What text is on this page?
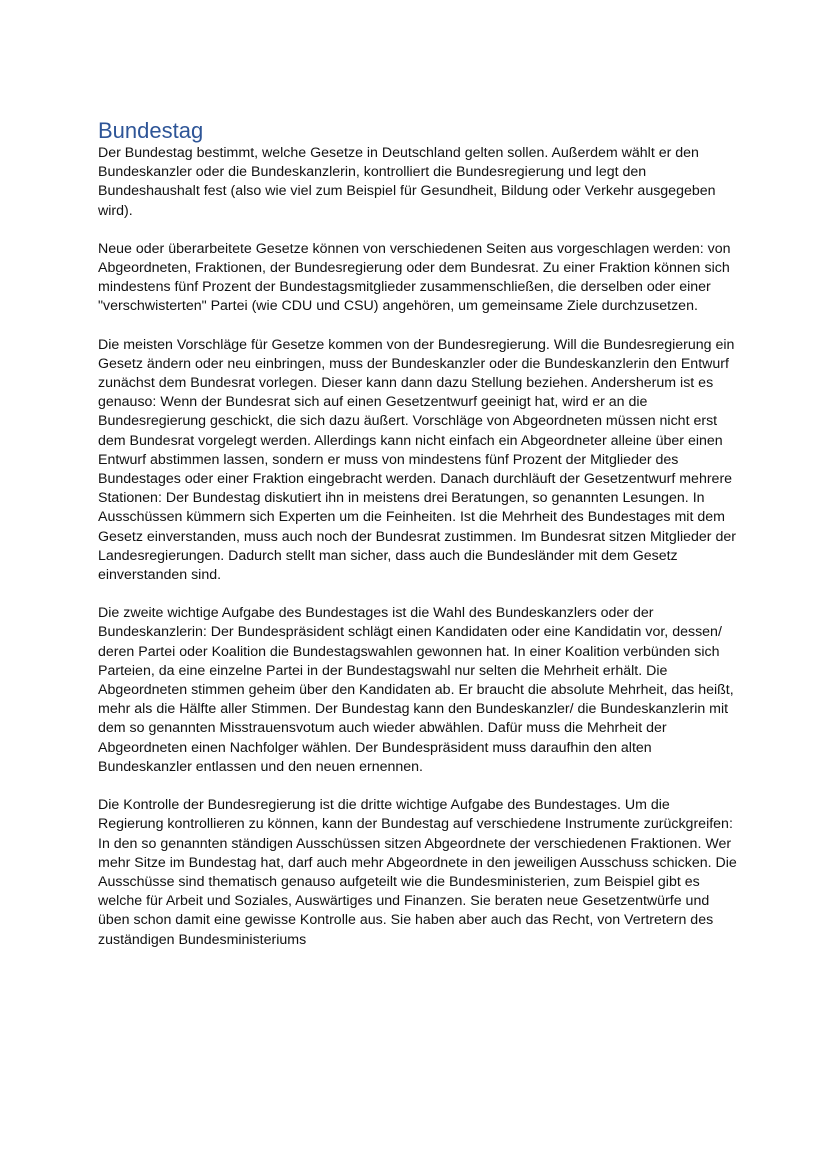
Bundestag

Der Bundestag bestimmt, welche Gesetze in Deutschland gelten sollen. Außerdem wählt er den Bundeskanzler oder die Bundeskanzlerin, kontrolliert die Bundesregierung und legt den Bundeshaushalt fest (also wie viel zum Beispiel für Gesundheit, Bildung oder Verkehr ausgegeben wird).

Neue oder überarbeitete Gesetze können von verschiedenen Seiten aus vorgeschlagen werden: von Abgeordneten, Fraktionen, der Bundesregierung oder dem Bundesrat. Zu einer Fraktion können sich mindestens fünf Prozent der Bundestagsmitglieder zusammenschließen, die derselben oder einer "verschwisterten" Partei (wie CDU und CSU) angehören, um gemeinsame Ziele durchzusetzen.

Die meisten Vorschläge für Gesetze kommen von der Bundesregierung. Will die Bundesregierung ein Gesetz ändern oder neu einbringen, muss der Bundeskanzler oder die Bundeskanzlerin den Entwurf zunächst dem Bundesrat vorlegen. Dieser kann dann dazu Stellung beziehen. Andersherum ist es genauso: Wenn der Bundesrat sich auf einen Gesetzentwurf geeinigt hat, wird er an die Bundesregierung geschickt, die sich dazu äußert. Vorschläge von Abgeordneten müssen nicht erst dem Bundesrat vorgelegt werden. Allerdings kann nicht einfach ein Abgeordneter alleine über einen Entwurf abstimmen lassen, sondern er muss von mindestens fünf Prozent der Mitglieder des Bundestages oder einer Fraktion eingebracht werden. Danach durchläuft der Gesetzentwurf mehrere Stationen: Der Bundestag diskutiert ihn in meistens drei Beratungen, so genannten Lesungen. In Ausschüssen kümmern sich Experten um die Feinheiten. Ist die Mehrheit des Bundestages mit dem Gesetz einverstanden, muss auch noch der Bundesrat zustimmen. Im Bundesrat sitzen Mitglieder der Landesregierungen. Dadurch stellt man sicher, dass auch die Bundesländer mit dem Gesetz einverstanden sind.

Die zweite wichtige Aufgabe des Bundestages ist die Wahl des Bundeskanzlers oder der Bundeskanzlerin: Der Bundespräsident schlägt einen Kandidaten oder eine Kandidatin vor, dessen/ deren Partei oder Koalition die Bundestagswahlen gewonnen hat. In einer Koalition verbünden sich Parteien, da eine einzelne Partei in der Bundestagswahl nur selten die Mehrheit erhält. Die Abgeordneten stimmen geheim über den Kandidaten ab. Er braucht die absolute Mehrheit, das heißt, mehr als die Hälfte aller Stimmen. Der Bundestag kann den Bundeskanzler/ die Bundeskanzlerin mit dem so genannten Misstrauensvotum auch wieder abwählen. Dafür muss die Mehrheit der Abgeordneten einen Nachfolger wählen. Der Bundespräsident muss daraufhin den alten Bundeskanzler entlassen und den neuen ernennen.

Die Kontrolle der Bundesregierung ist die dritte wichtige Aufgabe des Bundestages. Um die Regierung kontrollieren zu können, kann der Bundestag auf verschiedene Instrumente zurückgreifen: In den so genannten ständigen Ausschüssen sitzen Abgeordnete der verschiedenen Fraktionen. Wer mehr Sitze im Bundestag hat, darf auch mehr Abgeordnete in den jeweiligen Ausschuss schicken. Die Ausschüsse sind thematisch genauso aufgeteilt wie die Bundesministerien, zum Beispiel gibt es welche für Arbeit und Soziales, Auswärtiges und Finanzen. Sie beraten neue Gesetzentwürfe und üben schon damit eine gewisse Kontrolle aus. Sie haben aber auch das Recht, von Vertretern des zuständigen Bundesministeriums
